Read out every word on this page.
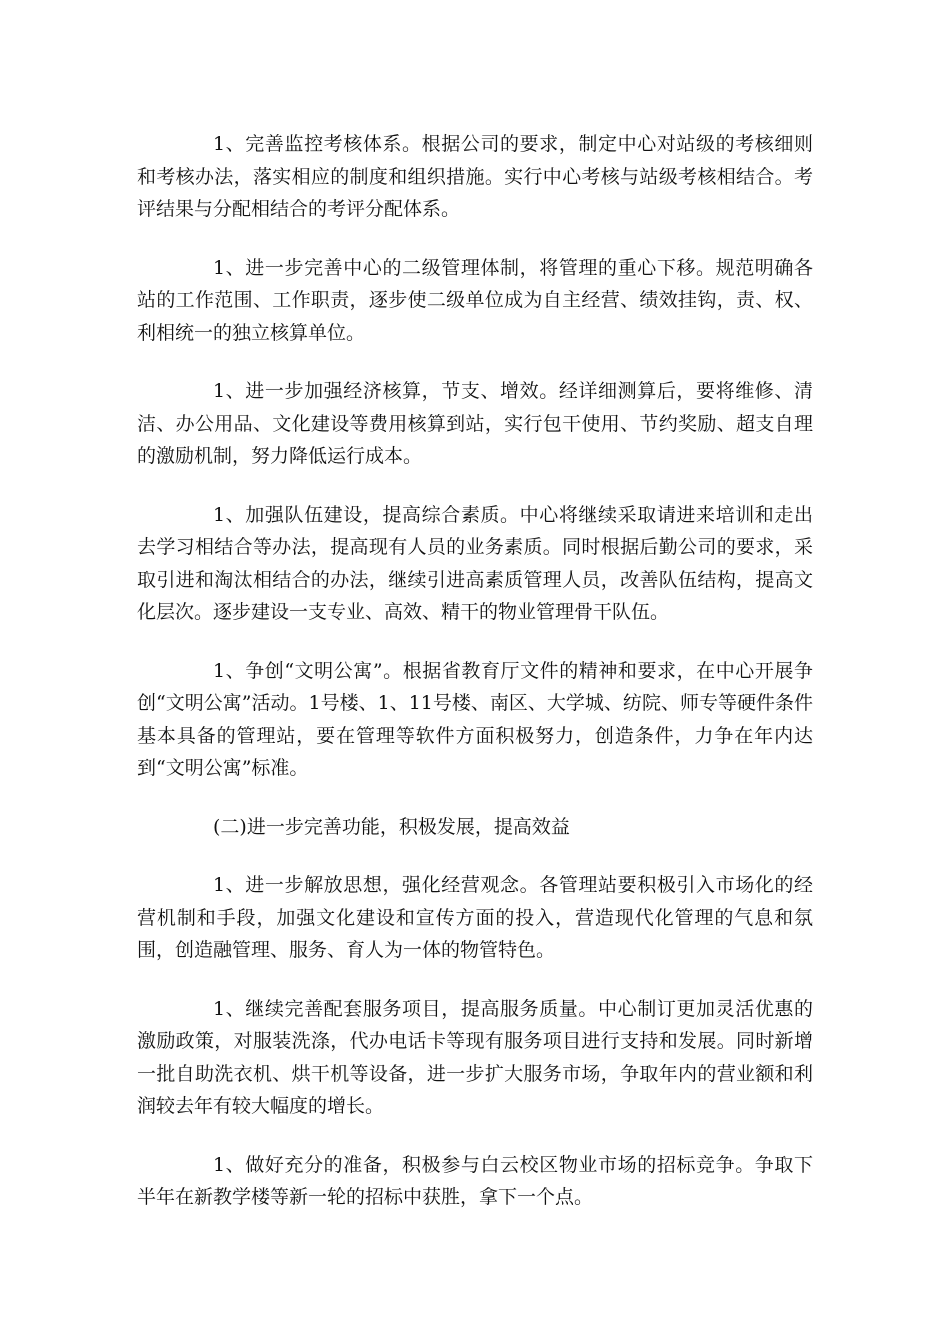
1、完善监控考核体系。根据公司的要求，制定中心对站级的考核细则和考核办法，落实相应的制度和组织措施。实行中心考核与站级考核相结合。考评结果与分配相结合的考评分配体系。

1、进一步完善中心的二级管理体制，将管理的重心下移。规范明确各站的工作范围、工作职责，逐步使二级单位成为自主经营、绩效挂钩，责、权、利相统一的独立核算单位。

1、进一步加强经济核算，节支、增效。经详细测算后，要将维修、清洁、办公用品、文化建设等费用核算到站，实行包干使用、节约奖励、超支自理的激励机制，努力降低运行成本。

1、加强队伍建设，提高综合素质。中心将继续采取请进来培训和走出去学习相结合等办法，提高现有人员的业务素质。同时根据后勤公司的要求，采取引进和淘汰相结合的办法，继续引进高素质管理人员，改善队伍结构，提高文化层次。逐步建设一支专业、高效、精干的物业管理骨干队伍。

1、争创“文明公寓”。根据省教育厅文件的精神和要求，在中心开展争创“文明公寓”活动。1号楼、1、11号楼、南区、大学城、纺院、师专等硬件条件基本具备的管理站，要在管理等软件方面积极努力，创造条件，力争在年内达到“文明公寓”标准。

(二)进一步完善功能，积极发展，提高效益

1、进一步解放思想，强化经营观念。各管理站要积极引入市场化的经营机制和手段，加强文化建设和宣传方面的投入，营造现代化管理的气息和氛围，创造融管理、服务、育人为一体的物管特色。

1、继续完善配套服务项目，提高服务质量。中心制订更加灵活优惠的激励政策，对服装洗涤，代办电话卡等现有服务项目进行支持和发展。同时新增一批自助洗衣机、烘干机等设备，进一步扩大服务市场，争取年内的营业额和利润较去年有较大幅度的增长。

1、做好充分的准备，积极参与白云校区物业市场的招标竞争。争取下半年在新教学楼等新一轮的招标中获胜，拿下一个点。
